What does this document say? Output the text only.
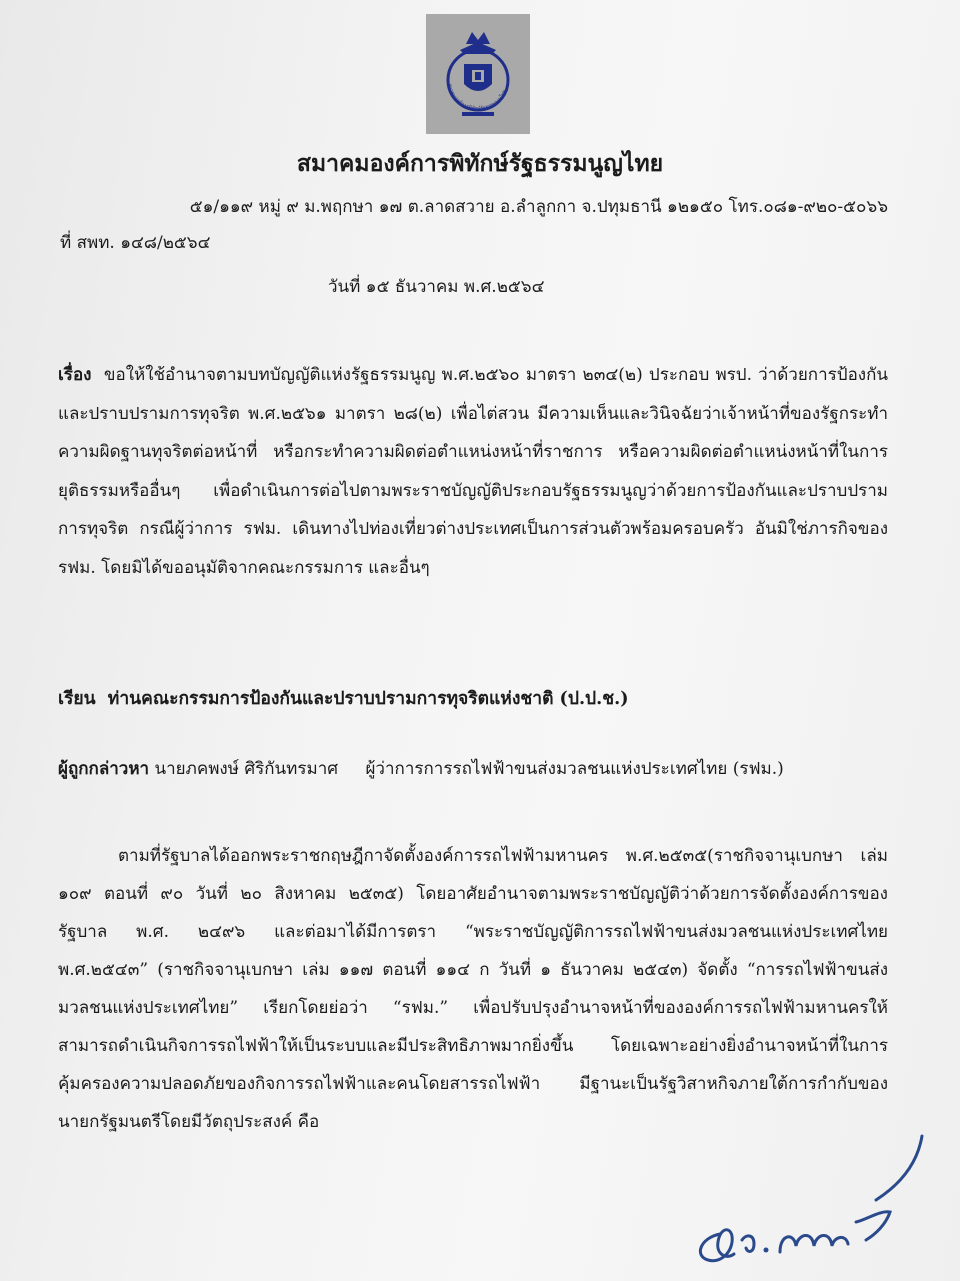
สมาคมองค์การพิทักษ์รัฐธรรมนูญไทย
สมาคมองค์การพิทักษ์รัฐธรรมนูญไทย
๕๑/๑๑๙ หมู่ ๙ ม.พฤกษา ๑๗ ต.ลาดสวาย อ.ลำลูกกา จ.ปทุมธานี ๑๒๑๕๐ โทร.๐๘๑-๙๒๐-๕๐๖๖
ที่ สพท. ๑๔๘/๒๕๖๔
วันที่ ๑๕ ธันวาคม พ.ศ.๒๕๖๔
เรื่อง ขอให้ใช้อำนาจตามบทบัญญัติแห่งรัฐธรรมนูญ พ.ศ.๒๕๖๐ มาตรา ๒๓๔(๒) ประกอบ พรป. ว่าด้วยการป้องกันและปราบปรามการทุจริต พ.ศ.๒๕๖๑ มาตรา ๒๘(๒) เพื่อไต่สวน มีความเห็นและวินิจฉัยว่าเจ้าหน้าที่ของรัฐกระทำความผิดฐานทุจริตต่อหน้าที่ หรือกระทำความผิดต่อตำแหน่งหน้าที่ราชการ หรือความผิดต่อตำแหน่งหน้าที่ในการยุติธรรมหรืออื่นๆ เพื่อดำเนินการต่อไปตามพระราชบัญญัติประกอบรัฐธรรมนูญว่าด้วยการป้องกันและปราบปรามการทุจริต กรณีผู้ว่าการ รฟม. เดินทางไปท่องเที่ยวต่างประเทศเป็นการส่วนตัวพร้อมครอบครัว อันมิใช่ภารกิจของ รฟม. โดยมิได้ขออนุมัติจากคณะกรรมการ และอื่นๆ
เรียน ท่านคณะกรรมการป้องกันและปราบปรามการทุจริตแห่งชาติ (ป.ป.ช.)
ผู้ถูกกล่าวหา นายภคพงษ์ ศิริกันทรมาศ ผู้ว่าการการรถไฟฟ้าขนส่งมวลชนแห่งประเทศไทย (รฟม.)
ตามที่รัฐบาลได้ออกพระราชกฤษฎีกาจัดตั้งองค์การรถไฟฟ้ามหานคร พ.ศ.๒๕๓๕(ราชกิจจานุเบกษา เล่ม ๑๐๙ ตอนที่ ๙๐ วันที่ ๒๐ สิงหาคม ๒๕๓๕) โดยอาศัยอำนาจตามพระราชบัญญัติว่าด้วยการจัดตั้งองค์การของรัฐบาล พ.ศ. ๒๔๙๖ และต่อมาได้มีการตรา “พระราชบัญญัติการรถไฟฟ้าขนส่งมวลชนแห่งประเทศไทย พ.ศ.๒๕๔๓” (ราชกิจจานุเบกษา เล่ม ๑๑๗ ตอนที่ ๑๑๔ ก วันที่ ๑ ธันวาคม ๒๕๔๓) จัดตั้ง “การรถไฟฟ้าขนส่งมวลชนแห่งประเทศไทย” เรียกโดยย่อว่า “รฟม.” เพื่อปรับปรุงอำนาจหน้าที่ขององค์การรถไฟฟ้ามหานครให้สามารถดำเนินกิจการรถไฟฟ้าให้เป็นระบบและมีประสิทธิภาพมากยิ่งขึ้น โดยเฉพาะอย่างยิ่งอำนาจหน้าที่ในการคุ้มครองความปลอดภัยของกิจการรถไฟฟ้าและคนโดยสารรถไฟฟ้า มีฐานะเป็นรัฐวิสาหกิจภายใต้การกำกับของนายกรัฐมนตรีโดยมีวัตถุประสงค์ คือ
